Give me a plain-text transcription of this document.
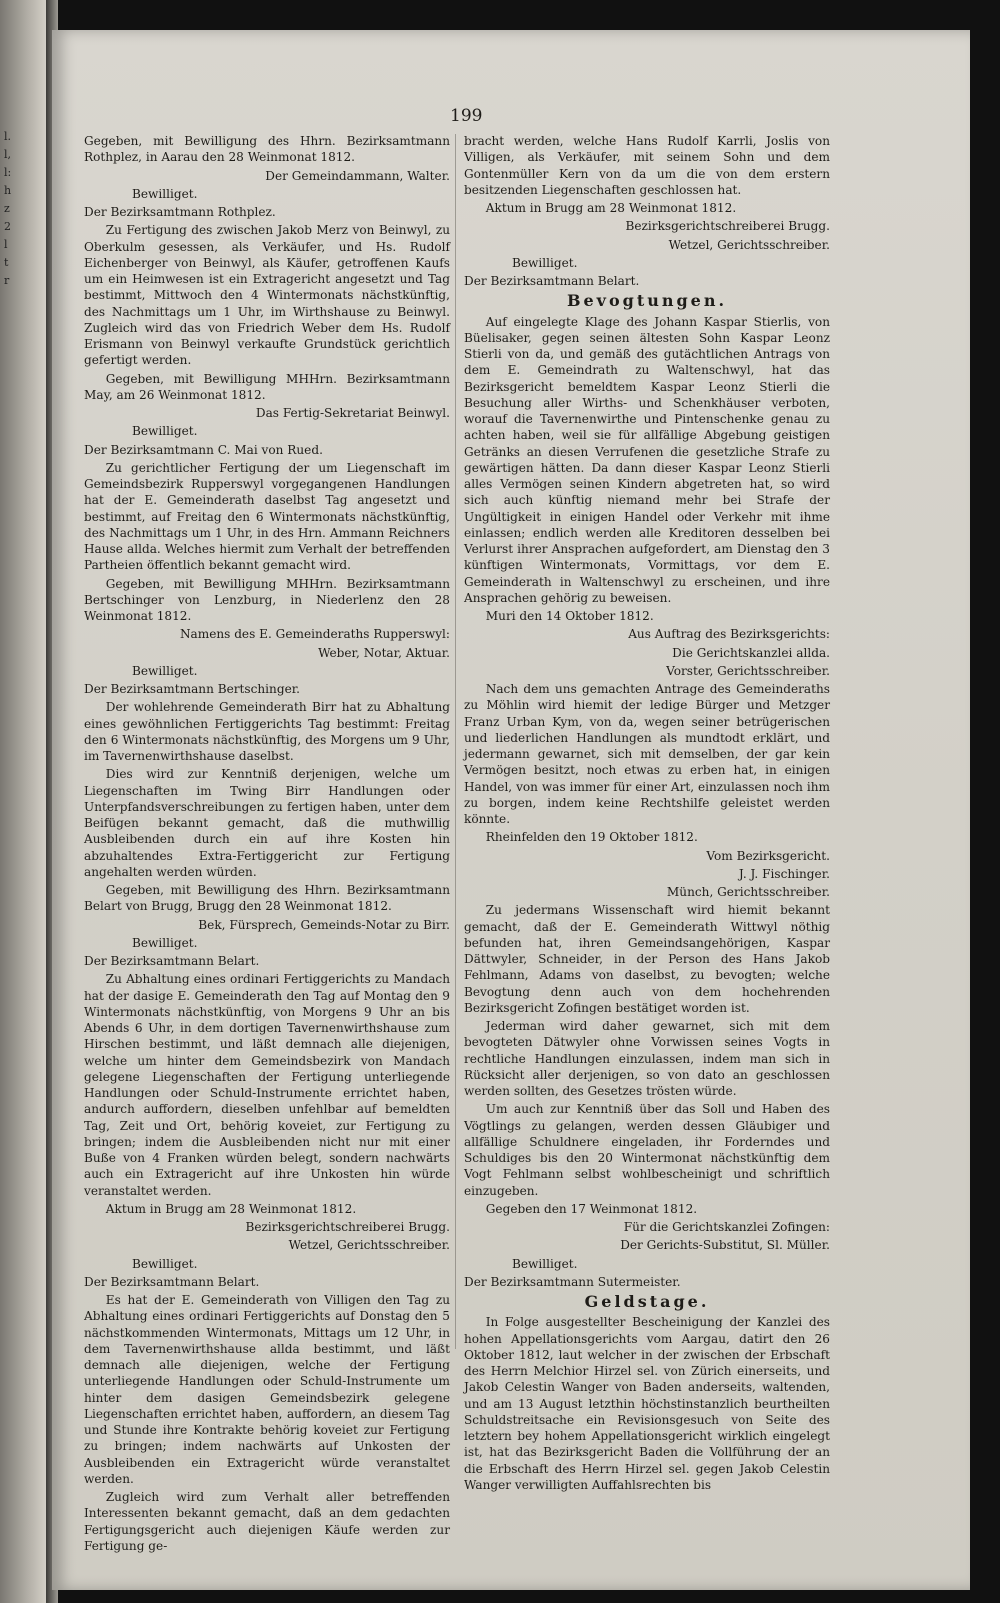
l.
l,
l:
h
z
2
l
t
r
199

Gegeben, mit Bewilligung des Hhrn. Bezirksamtmann Rothplez, in Aarau den 28 Weinmonat 1812.

Der Gemeindammann, Walter.

Bewilliget.

Der Bezirksamtmann Rothplez.

Zu Fertigung des zwischen Jakob Merz von Beinwyl, zu Oberkulm gesessen, als Verkäufer, und Hs. Rudolf Eichenberger von Beinwyl, als Käufer, getroffenen Kaufs um ein Heimwesen ist ein Extragericht angesetzt und Tag bestimmt, Mittwoch den 4 Wintermonats nächstkünftig, des Nachmittags um 1 Uhr, im Wirthshause zu Beinwyl. Zugleich wird das von Friedrich Weber dem Hs. Rudolf Erismann von Beinwyl verkaufte Grundstück gerichtlich gefertigt werden.

Gegeben, mit Bewilligung MHHrn. Bezirksamtmann May, am 26 Weinmonat 1812.

Das Fertig-Sekretariat Beinwyl.

Bewilliget.

Der Bezirksamtmann C. Mai von Rued.

Zu gerichtlicher Fertigung der um Liegenschaft im Gemeindsbezirk Rupperswyl vorgegangenen Handlungen hat der E. Gemeinderath daselbst Tag angesetzt und bestimmt, auf Freitag den 6 Wintermonats nächstkünftig, des Nachmittags um 1 Uhr, in des Hrn. Ammann Reichners Hause allda. Welches hiermit zum Verhalt der betreffenden Partheien öffentlich bekannt gemacht wird.

Gegeben, mit Bewilligung MHHrn. Bezirksamtmann Bertschinger von Lenzburg, in Niederlenz den 28 Weinmonat 1812.

Namens des E. Gemeinderaths Rupperswyl:

Weber, Notar, Aktuar.

Bewilliget.

Der Bezirksamtmann Bertschinger.

Der wohlehrende Gemeinderath Birr hat zu Abhaltung eines gewöhnlichen Fertiggerichts Tag bestimmt: Freitag den 6 Wintermonats nächstkünftig, des Morgens um 9 Uhr, im Tavernenwirthshause daselbst.

Dies wird zur Kenntniß derjenigen, welche um Liegenschaften im Twing Birr Handlungen oder Unterpfandsverschreibungen zu fertigen haben, unter dem Beifügen bekannt gemacht, daß die muthwillig Ausbleibenden durch ein auf ihre Kosten hin abzuhaltendes Extra-Fertiggericht zur Fertigung angehalten werden würden.

Gegeben, mit Bewilligung des Hhrn. Bezirksamtmann Belart von Brugg, Brugg den 28 Weinmonat 1812.

Bek, Fürsprech, Gemeinds-Notar zu Birr.

Bewilliget.

Der Bezirksamtmann Belart.

Zu Abhaltung eines ordinari Fertiggerichts zu Mandach hat der dasige E. Gemeinderath den Tag auf Montag den 9 Wintermonats nächstkünftig, von Morgens 9 Uhr an bis Abends 6 Uhr, in dem dortigen Tavernenwirthshause zum Hirschen bestimmt, und läßt demnach alle diejenigen, welche um hinter dem Gemeindsbezirk von Mandach gelegene Liegenschaften der Fertigung unterliegende Handlungen oder Schuld-Instrumente errichtet haben, andurch auffordern, dieselben unfehlbar auf bemeldten Tag, Zeit und Ort, behörig koveiet, zur Fertigung zu bringen; indem die Ausbleibenden nicht nur mit einer Buße von 4 Franken würden belegt, sondern nachwärts auch ein Extragericht auf ihre Unkosten hin würde veranstaltet werden.

Aktum in Brugg am 28 Weinmonat 1812.

Bezirksgerichtschreiberei Brugg.

Wetzel, Gerichtsschreiber.

Bewilliget.

Der Bezirksamtmann Belart.

Es hat der E. Gemeinderath von Villigen den Tag zu Abhaltung eines ordinari Fertiggerichts auf Donstag den 5 nächstkommenden Wintermonats, Mittags um 12 Uhr, in dem Tavernenwirthshause allda bestimmt, und läßt demnach alle diejenigen, welche der Fertigung unterliegende Handlungen oder Schuld-Instrumente um hinter dem dasigen Gemeindsbezirk gelegene Liegenschaften errichtet haben, auffordern, an diesem Tag und Stunde ihre Kontrakte behörig koveiet zur Fertigung zu bringen; indem nachwärts auf Unkosten der Ausbleibenden ein Extragericht würde veranstaltet werden.

Zugleich wird zum Verhalt aller betreffenden Interessenten bekannt gemacht, daß an dem gedachten Fertigungsgericht auch diejenigen Käufe werden zur Fertigung ge-

bracht werden, welche Hans Rudolf Karrli, Joslis von Villigen, als Verkäufer, mit seinem Sohn und dem Gontenmüller Kern von da um die von dem erstern besitzenden Liegenschaften geschlossen hat.

Aktum in Brugg am 28 Weinmonat 1812.

Bezirksgerichtschreiberei Brugg.

Wetzel, Gerichtsschreiber.

Bewilliget.

Der Bezirksamtmann Belart.

Bevogtungen.

Auf eingelegte Klage des Johann Kaspar Stierlis, von Büelisaker, gegen seinen ältesten Sohn Kaspar Leonz Stierli von da, und gemäß des gutächtlichen Antrags von dem E. Gemeindrath zu Waltenschwyl, hat das Bezirksgericht bemeldtem Kaspar Leonz Stierli die Besuchung aller Wirths- und Schenkhäuser verboten, worauf die Tavernenwirthe und Pintenschenke genau zu achten haben, weil sie für allfällige Abgebung geistigen Getränks an diesen Verrufenen die gesetzliche Strafe zu gewärtigen hätten. Da dann dieser Kaspar Leonz Stierli alles Vermögen seinen Kindern abgetreten hat, so wird sich auch künftig niemand mehr bei Strafe der Ungültigkeit in einigen Handel oder Verkehr mit ihme einlassen; endlich werden alle Kreditoren desselben bei Verlurst ihrer Ansprachen aufgefordert, am Dienstag den 3 künftigen Wintermonats, Vormittags, vor dem E. Gemeinderath in Waltenschwyl zu erscheinen, und ihre Ansprachen gehörig zu beweisen.

Muri den 14 Oktober 1812.

Aus Auftrag des Bezirksgerichts:

Die Gerichtskanzlei allda.

Vorster, Gerichtsschreiber.

Nach dem uns gemachten Antrage des Gemeinderaths zu Möhlin wird hiemit der ledige Bürger und Metzger Franz Urban Kym, von da, wegen seiner betrügerischen und liederlichen Handlungen als mundtodt erklärt, und jedermann gewarnet, sich mit demselben, der gar kein Vermögen besitzt, noch etwas zu erben hat, in einigen Handel, von was immer für einer Art, einzulassen noch ihm zu borgen, indem keine Rechtshilfe geleistet werden könnte.

Rheinfelden den 19 Oktober 1812.

Vom Bezirksgericht.

J. J. Fischinger.

Münch, Gerichtsschreiber.

Zu jedermans Wissenschaft wird hiemit bekannt gemacht, daß der E. Gemeinderath Wittwyl nöthig befunden hat, ihren Gemeindsangehörigen, Kaspar Dättwyler, Schneider, in der Person des Hans Jakob Fehlmann, Adams von daselbst, zu bevogten; welche Bevogtung denn auch von dem hochehrenden Bezirksgericht Zofingen bestätiget worden ist.

Jederman wird daher gewarnet, sich mit dem bevogteten Dätwyler ohne Vorwissen seines Vogts in rechtliche Handlungen einzulassen, indem man sich in Rücksicht aller derjenigen, so von dato an geschlossen werden sollten, des Gesetzes trösten würde.

Um auch zur Kenntniß über das Soll und Haben des Vögtlings zu gelangen, werden dessen Gläubiger und allfällige Schuldnere eingeladen, ihr Forderndes und Schuldiges bis den 20 Wintermonat nächstkünftig dem Vogt Fehlmann selbst wohlbescheinigt und schriftlich einzugeben.

Gegeben den 17 Weinmonat 1812.

Für die Gerichtskanzlei Zofingen:

Der Gerichts-Substitut, Sl. Müller.

Bewilliget.

Der Bezirksamtmann Sutermeister.

Geldstage.

In Folge ausgestellter Bescheinigung der Kanzlei des hohen Appellationsgerichts vom Aargau, datirt den 26 Oktober 1812, laut welcher in der zwischen der Erbschaft des Herrn Melchior Hirzel sel. von Zürich einerseits, und Jakob Celestin Wanger von Baden anderseits, waltenden, und am 13 August letzthin höchstinstanzlich beurtheilten Schuldstreitsache ein Revisionsgesuch von Seite des letztern bey hohem Appellationsgericht wirklich eingelegt ist, hat das Bezirksgericht Baden die Vollführung der an die Erbschaft des Herrn Hirzel sel. gegen Jakob Celestin Wanger verwilligten Auffahlsrechten bis
